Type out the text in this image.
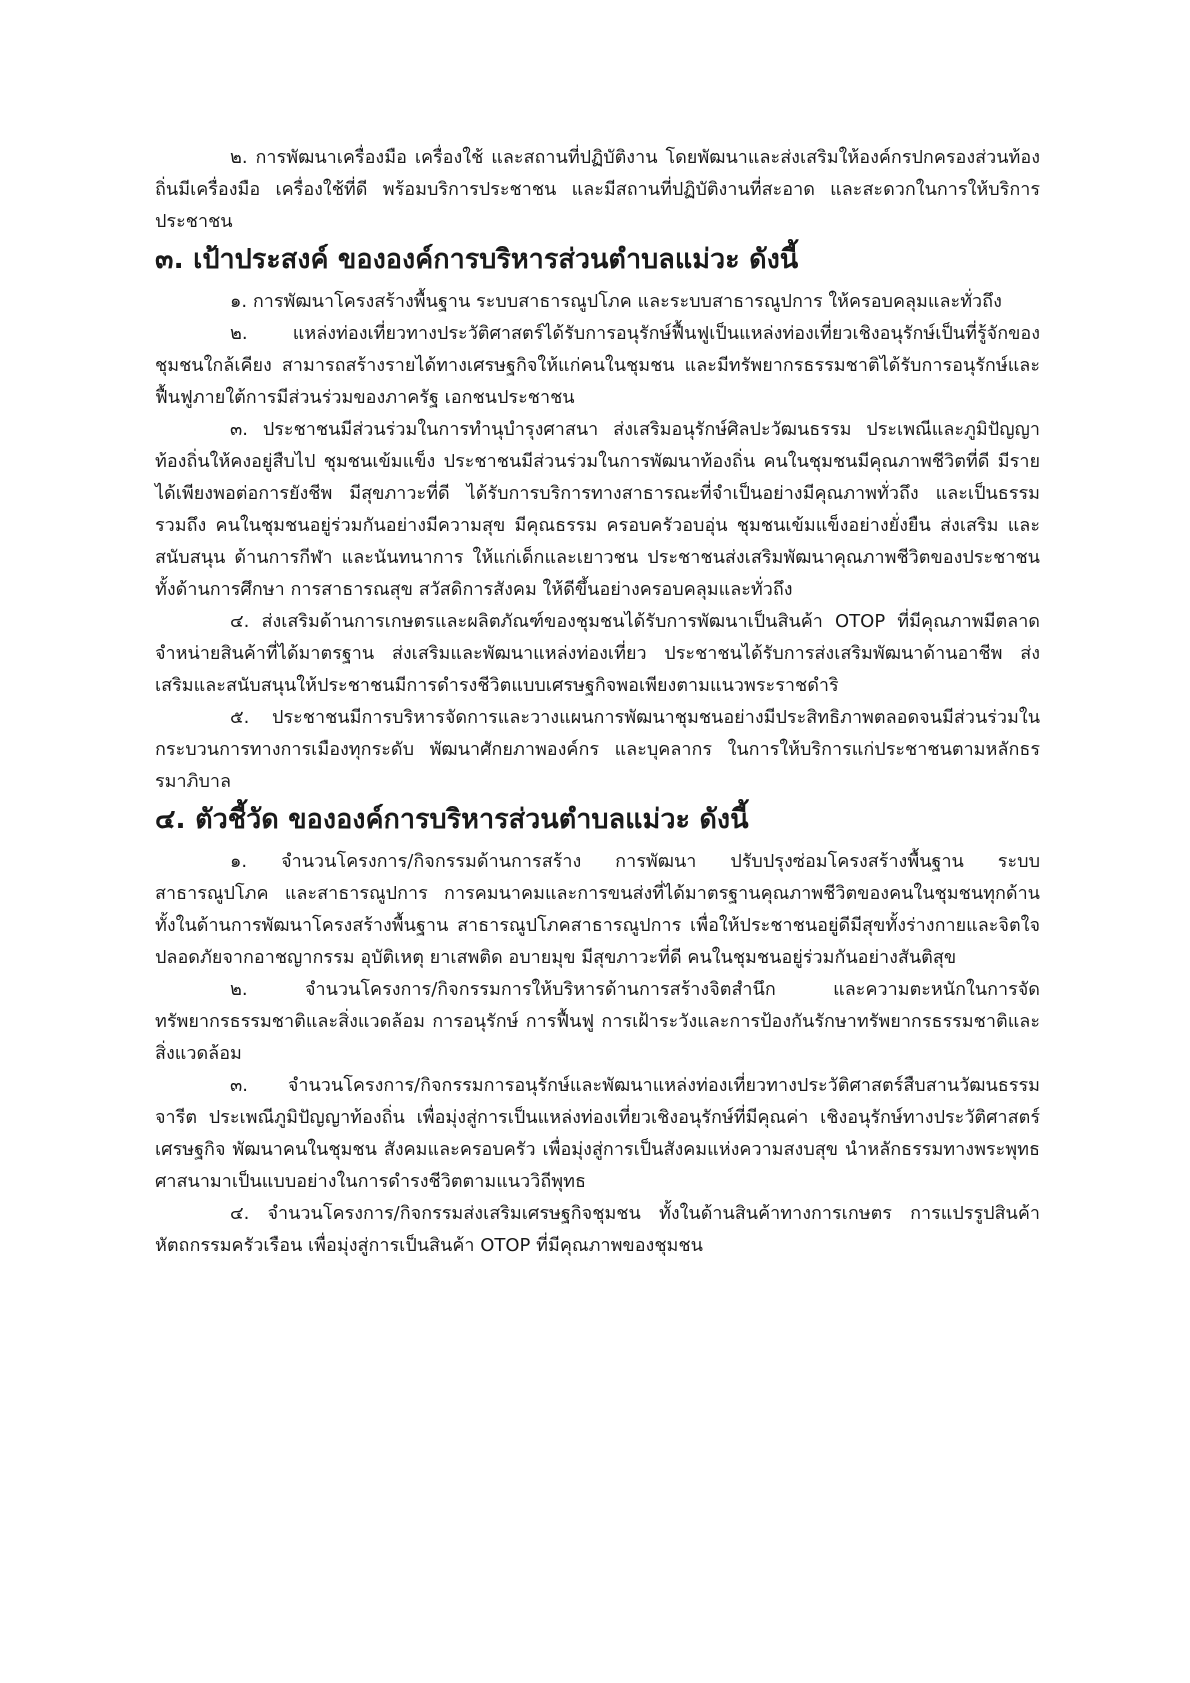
๒. การพัฒนาเครื่องมือ เครื่องใช้ และสถานที่ปฏิบัติงาน โดยพัฒนาและส่งเสริมให้องค์กรปกครองส่วนท้องถิ่นมีเครื่องมือ เครื่องใช้ที่ดี พร้อมบริการประชาชน และมีสถานที่ปฏิบัติงานที่สะอาด และสะดวกในการให้บริการประชาชน

๓. เป้าประสงค์ ขององค์การบริหารส่วนตำบลแม่วะ ดังนี้

๑. การพัฒนาโครงสร้างพื้นฐาน ระบบสาธารณูปโภค และระบบสาธารณูปการ ให้ครอบคลุมและทั่วถึง

๒. แหล่งท่องเที่ยวทางประวัติศาสตร์ได้รับการอนุรักษ์ฟื้นฟูเป็นแหล่งท่องเที่ยวเชิงอนุรักษ์เป็นที่รู้จักของชุมชนใกล้เคียง สามารถสร้างรายได้ทางเศรษฐกิจให้แก่คนในชุมชน และมีทรัพยากรธรรมชาติได้รับการอนุรักษ์และฟื้นฟูภายใต้การมีส่วนร่วมของภาครัฐ เอกชนประชาชน

๓. ประชาชนมีส่วนร่วมในการทำนุบำรุงศาสนา ส่งเสริมอนุรักษ์ศิลปะวัฒนธรรม ประเพณีและภูมิปัญญาท้องถิ่นให้คงอยู่สืบไป ชุมชนเข้มแข็ง ประชาชนมีส่วนร่วมในการพัฒนาท้องถิ่น คนในชุมชนมีคุณภาพชีวิตที่ดี มีรายได้เพียงพอต่อการยังชีพ มีสุขภาวะที่ดี ได้รับการบริการทางสาธารณะที่จำเป็นอย่างมีคุณภาพทั่วถึง และเป็นธรรม รวมถึง คนในชุมชนอยู่ร่วมกันอย่างมีความสุข มีคุณธรรม ครอบครัวอบอุ่น ชุมชนเข้มแข็งอย่างยั่งยืน ส่งเสริม และสนับสนุน ด้านการกีฬา และนันทนาการ ให้แก่เด็กและเยาวชน ประชาชนส่งเสริมพัฒนาคุณภาพชีวิตของประชาชนทั้งด้านการศึกษา การสาธารณสุข สวัสดิการสังคม ให้ดีขึ้นอย่างครอบคลุมและทั่วถึง

๔. ส่งเสริมด้านการเกษตรและผลิตภัณฑ์ของชุมชนได้รับการพัฒนาเป็นสินค้า OTOP ที่มีคุณภาพมีตลาดจำหน่ายสินค้าที่ได้มาตรฐาน ส่งเสริมและพัฒนาแหล่งท่องเที่ยว ประชาชนได้รับการส่งเสริมพัฒนาด้านอาชีพ ส่งเสริมและสนับสนุนให้ประชาชนมีการดำรงชีวิตแบบเศรษฐกิจพอเพียงตามแนวพระราชดำริ

๕. ประชาชนมีการบริหารจัดการและวางแผนการพัฒนาชุมชนอย่างมีประสิทธิภาพตลอดจนมีส่วนร่วมในกระบวนการทางการเมืองทุกระดับ พัฒนาศักยภาพองค์กร และบุคลากร ในการให้บริการแก่ประชาชนตามหลักธรรมาภิบาล

๔. ตัวชี้วัด ขององค์การบริหารส่วนตำบลแม่วะ ดังนี้

๑. จำนวนโครงการ/กิจกรรมด้านการสร้าง การพัฒนา ปรับปรุงซ่อมโครงสร้างพื้นฐาน ระบบสาธารณูปโภค และสาธารณูปการ การคมนาคมและการขนส่งที่ได้มาตรฐานคุณภาพชีวิตของคนในชุมชนทุกด้าน ทั้งในด้านการพัฒนาโครงสร้างพื้นฐาน สาธารณูปโภคสาธารณูปการ เพื่อให้ประชาชนอยู่ดีมีสุขทั้งร่างกายและจิตใจ ปลอดภัยจากอาชญากรรม อุบัติเหตุ ยาเสพติด อบายมุข มีสุขภาวะที่ดี คนในชุมชนอยู่ร่วมกันอย่างสันติสุข

๒. จำนวนโครงการ/กิจกรรมการให้บริหารด้านการสร้างจิตสำนึก และความตะหนักในการจัดทรัพยากรธรรมชาติและสิ่งแวดล้อม การอนุรักษ์ การฟื้นฟู การเฝ้าระวังและการป้องกันรักษาทรัพยากรธรรมชาติและสิ่งแวดล้อม

๓. จำนวนโครงการ/กิจกรรมการอนุรักษ์และพัฒนาแหล่งท่องเที่ยวทางประวัติศาสตร์สืบสานวัฒนธรรม จารีต ประเพณีภูมิปัญญาท้องถิ่น เพื่อมุ่งสู่การเป็นแหล่งท่องเที่ยวเชิงอนุรักษ์ที่มีคุณค่า เชิงอนุรักษ์ทางประวัติศาสตร์ เศรษฐกิจ พัฒนาคนในชุมชน สังคมและครอบครัว เพื่อมุ่งสู่การเป็นสังคมแห่งความสงบสุข นำหลักธรรมทางพระพุทธศาสนามาเป็นแบบอย่างในการดำรงชีวิตตามแนววิถีพุทธ

๔. จำนวนโครงการ/กิจกรรมส่งเสริมเศรษฐกิจชุมชน ทั้งในด้านสินค้าทางการเกษตร การแปรรูปสินค้า หัตถกรรมครัวเรือน เพื่อมุ่งสู่การเป็นสินค้า OTOP ที่มีคุณภาพของชุมชน
